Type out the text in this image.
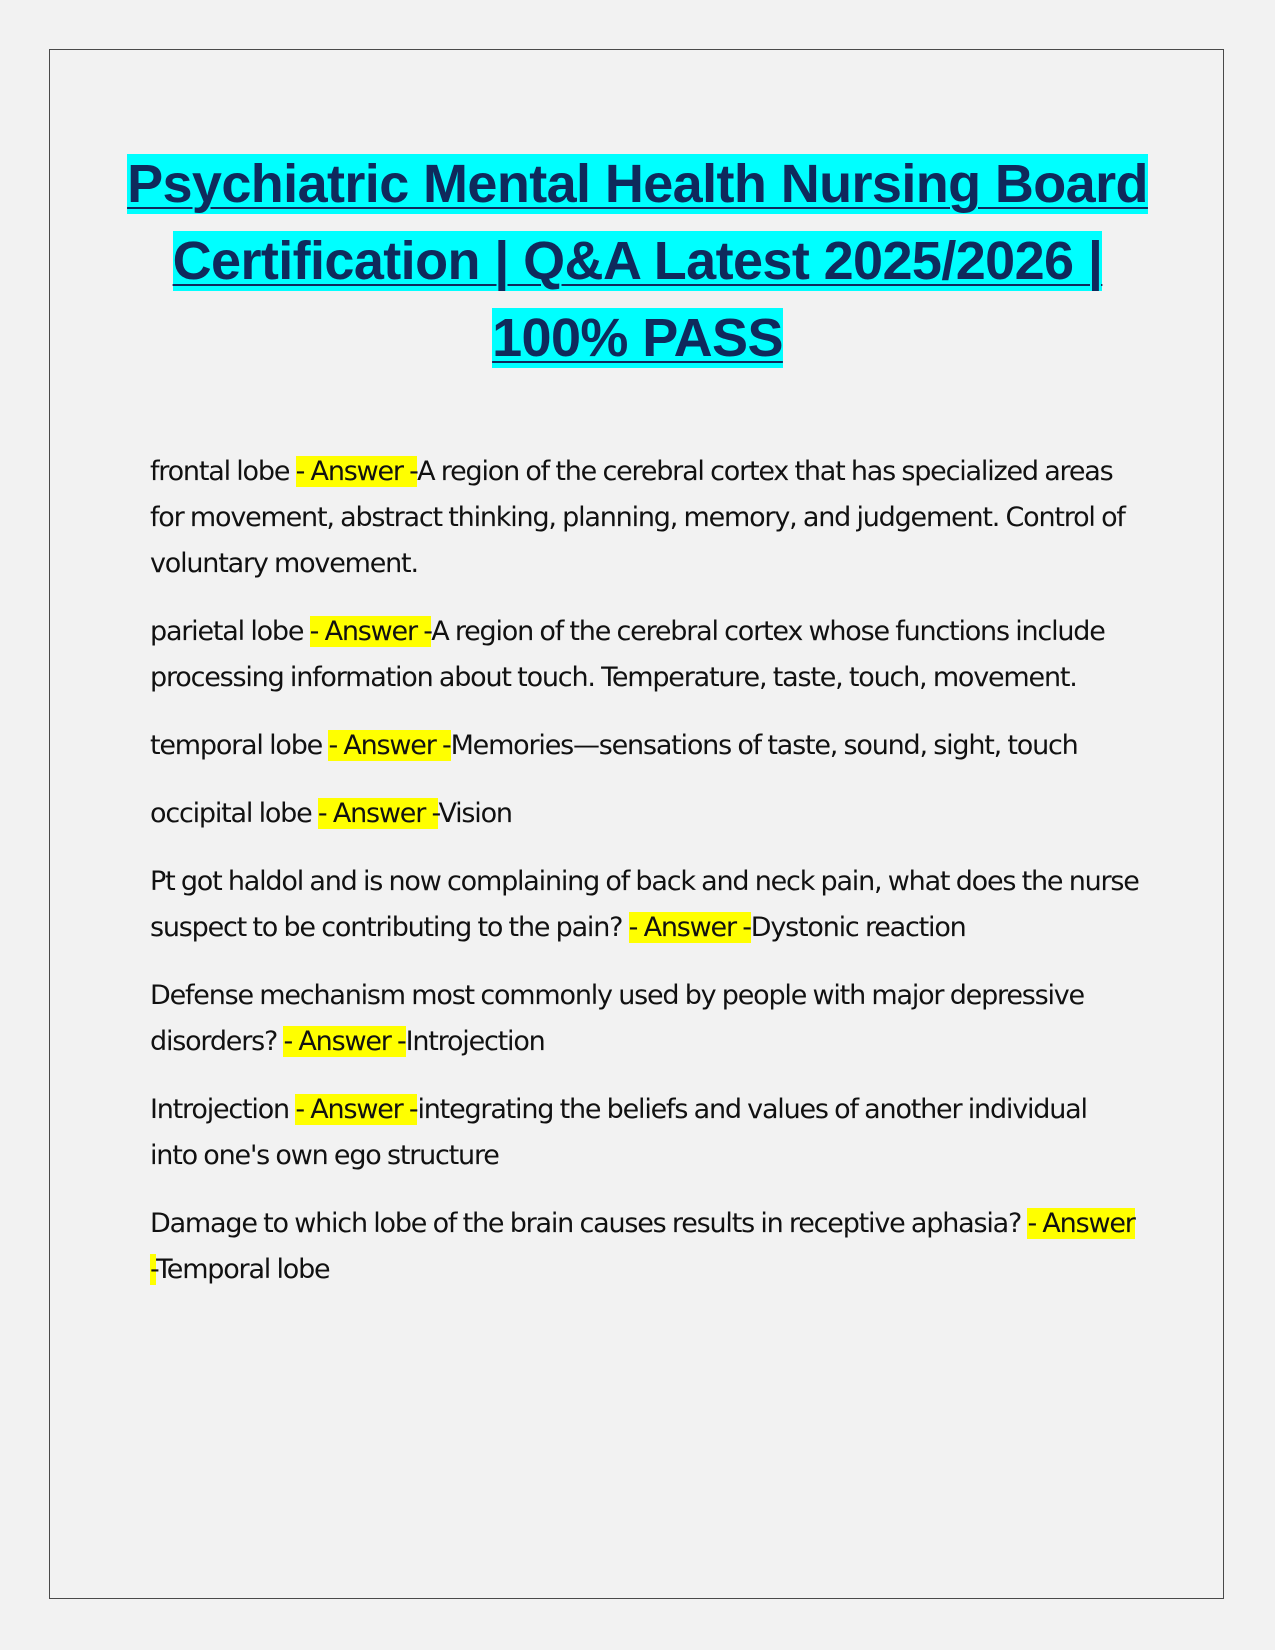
Psychiatric Mental Health Nursing Board Certification | Q&A Latest 2025/2026 | 100% PASS

frontal lobe - Answer -A region of the cerebral cortex that has specialized areas for movement, abstract thinking, planning, memory, and judgement. Control of voluntary movement.

parietal lobe - Answer -A region of the cerebral cortex whose functions include processing information about touch. Temperature, taste, touch, movement.

temporal lobe - Answer -Memories—sensations of taste, sound, sight, touch

occipital lobe - Answer -Vision

Pt got haldol and is now complaining of back and neck pain, what does the nurse suspect to be contributing to the pain? - Answer -Dystonic reaction

Defense mechanism most commonly used by people with major depressive disorders? - Answer -Introjection

Introjection - Answer -integrating the beliefs and values of another individual into one's own ego structure

Damage to which lobe of the brain causes results in receptive aphasia? - Answer -Temporal lobe
